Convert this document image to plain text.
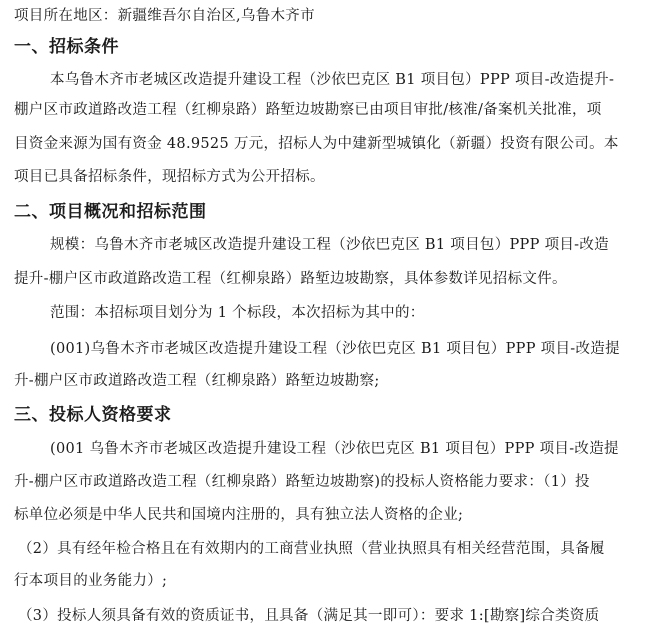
项目所在地区：新疆维吾尔自治区,乌鲁木齐市
一、招标条件
本乌鲁木齐市老城区改造提升建设工程（沙依巴克区 B1 项目包）PPP 项目-改造提升-
棚户区市政道路改造工程（红柳泉路）路堑边坡勘察已由项目审批/核准/备案机关批准，项
目资金来源为国有资金 48.9525 万元，招标人为中建新型城镇化（新疆）投资有限公司。本
项目已具备招标条件，现招标方式为公开招标。
二、项目概况和招标范围
规模：乌鲁木齐市老城区改造提升建设工程（沙依巴克区 B1 项目包）PPP 项目-改造
提升-棚户区市政道路改造工程（红柳泉路）路堑边坡勘察，具体参数详见招标文件。
范围：本招标项目划分为 1 个标段，本次招标为其中的：
(001)乌鲁木齐市老城区改造提升建设工程（沙依巴克区 B1 项目包）PPP 项目-改造提
升-棚户区市政道路改造工程（红柳泉路）路堑边坡勘察;
三、投标人资格要求
(001 乌鲁木齐市老城区改造提升建设工程（沙依巴克区 B1 项目包）PPP 项目-改造提
升-棚户区市政道路改造工程（红柳泉路）路堑边坡勘察)的投标人资格能力要求：（1）投
标单位必须是中华人民共和国境内注册的，具有独立法人资格的企业;
（2）具有经年检合格且在有效期内的工商营业执照（营业执照具有相关经营范围，具备履
行本项目的业务能力）;
（3）投标人须具备有效的资质证书，且具备（满足其一即可）：要求 1:[勘察]综合类资质
